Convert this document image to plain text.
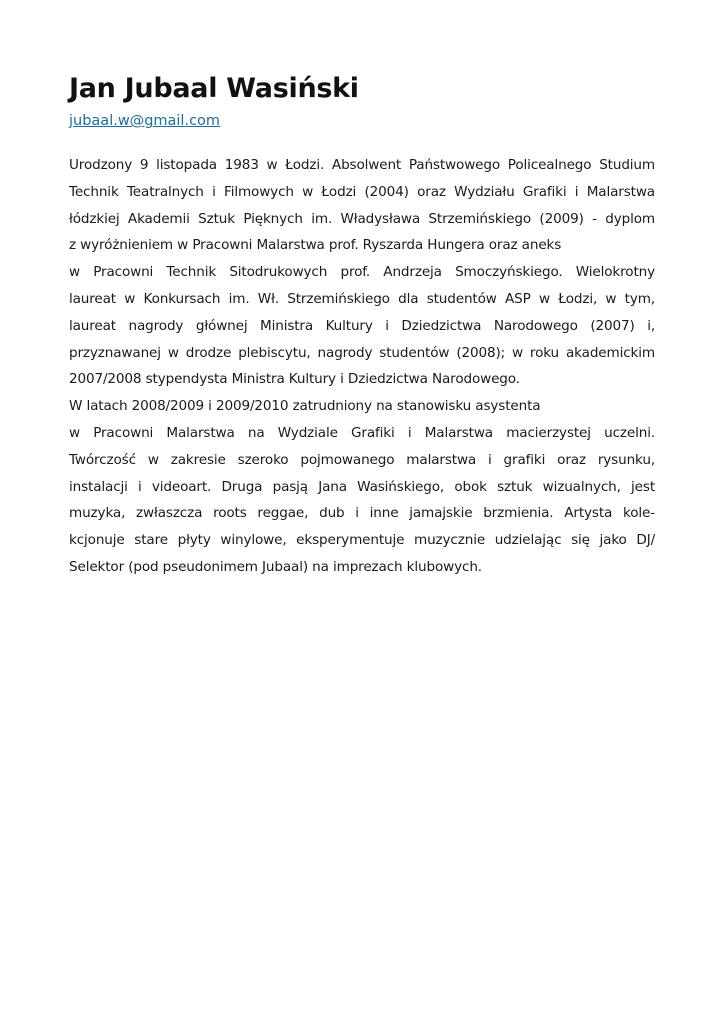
Jan Jubaal Wasiński
jubaal.w@gmail.com
Urodzony 9 listopada 1983 w Łodzi. Absolwent Państwowego Policealnego Studium
Technik Teatralnych i Filmowych w Łodzi (2004) oraz Wydziału Grafiki i Malarstwa
łódzkiej Akademii Sztuk Pięknych im. Władysława Strzemińskiego (2009) - dyplom
z wyróżnieniem w Pracowni Malarstwa prof. Ryszarda Hungera oraz aneks
w Pracowni Technik Sitodrukowych prof. Andrzeja Smoczyńskiego. Wielokrotny
laureat w Konkursach im. Wł. Strzemińskiego dla studentów ASP w Łodzi, w tym,
laureat nagrody głównej Ministra Kultury i Dziedzictwa Narodowego (2007) i,
przyznawanej w drodze plebiscytu, nagrody studentów (2008); w roku akademickim
2007/2008 stypendysta Ministra Kultury i Dziedzictwa Narodowego.
W latach 2008/2009 i 2009/2010 zatrudniony na stanowisku asystenta
w Pracowni Malarstwa na Wydziale Grafiki i Malarstwa macierzystej uczelni.
Twórczość w zakresie szeroko pojmowanego malarstwa i grafiki oraz rysunku,
instalacji i videoart. Druga pasją Jana Wasińskiego, obok sztuk wizualnych, jest
muzyka, zwłaszcza roots reggae, dub i inne jamajskie brzmienia. Artysta kole-
kcjonuje stare płyty winylowe, eksperymentuje muzycznie udzielając się jako DJ/
Selektor (pod pseudonimem Jubaal) na imprezach klubowych.
